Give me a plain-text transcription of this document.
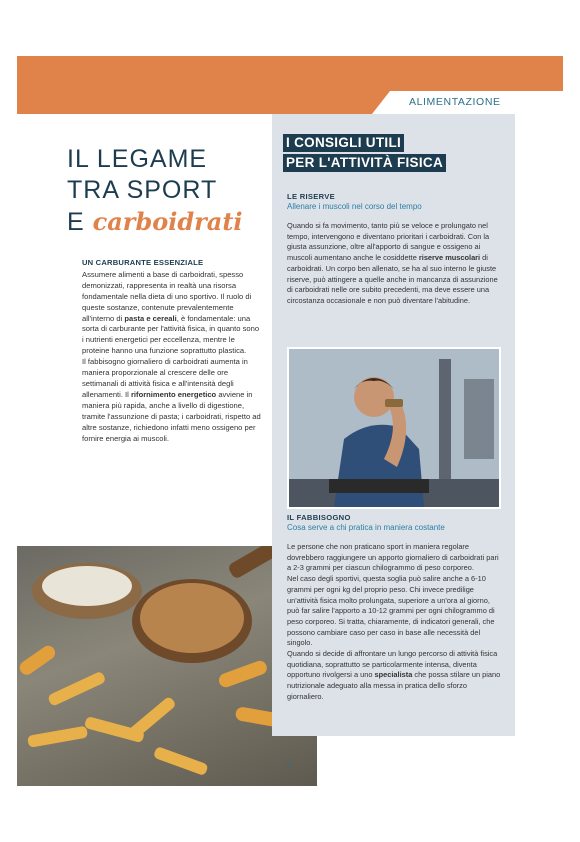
ALIMENTAZIONE
IL LEGAME
TRA SPORT
E carboidrati
UN CARBURANTE ESSENZIALE

Assumere alimenti a base di carboidrati, spesso demonizzati, rappresenta in realtà una risorsa fondamentale nella dieta di uno sportivo. Il ruolo di queste sostanze, contenute prevalentemente all'interno di pasta e cereali, è fondamentale: una sorta di carburante per l'attività fisica, in quanto sono i nutrienti energetici per eccellenza, mentre le proteine hanno una funzione soprattutto plastica.

Il fabbisogno giornaliero di carboidrati aumenta in maniera proporzionale al crescere delle ore settimanali di attività fisica e all'intensità degli allenamenti. Il rifornimento energetico avviene in maniera più rapida, anche a livello di digestione, tramite l'assunzione di pasta; i carboidrati, rispetto ad altre sostanze, richiedono infatti meno ossigeno per fornire energia ai muscoli.

I CONSIGLI UTILI
PER L'ATTIVITÀ FISICA
LE RISERVE
Allenare i muscoli nel corso del tempo

Quando si fa movimento, tanto più se veloce e prolungato nel tempo, intervengono e diventano prioritari i carboidrati. Con la giusta assunzione, oltre all'apporto di sangue e ossigeno ai muscoli aumentano anche le cosiddette riserve muscolari di carboidrati. Un corpo ben allenato, se ha al suo interno le giuste riserve, può attingere a quelle anche in mancanza di assunzione di carboidrati nelle ore subito precedenti, ma deve essere una circostanza occasionale e non può diventare l'abitudine.

IL FABBISOGNO
Cosa serve a chi pratica in maniera costante

Le persone che non praticano sport in maniera regolare dovrebbero raggiungere un apporto giornaliero di carboidrati pari a 2-3 grammi per ciascun chilogrammo di peso corporeo.

Nel caso degli sportivi, questa soglia può salire anche a 6-10 grammi per ogni kg del proprio peso. Chi invece predilige un'attività fisica molto prolungata, superiore a un'ora al giorno, può far salire l'apporto a 10-12 grammi per ogni chilogrammo di peso corporeo. Si tratta, chiaramente, di indicatori generali, che possono cambiare caso per caso in base alle necessità del singolo.

Quando si decide di affrontare un lungo percorso di attività fisica quotidiana, soprattutto se particolarmente intensa, diventa opportuno rivolgersi a uno specialista che possa stilare un piano nutrizionale adeguato alla messa in pratica dello sforzo giornaliero.

7
